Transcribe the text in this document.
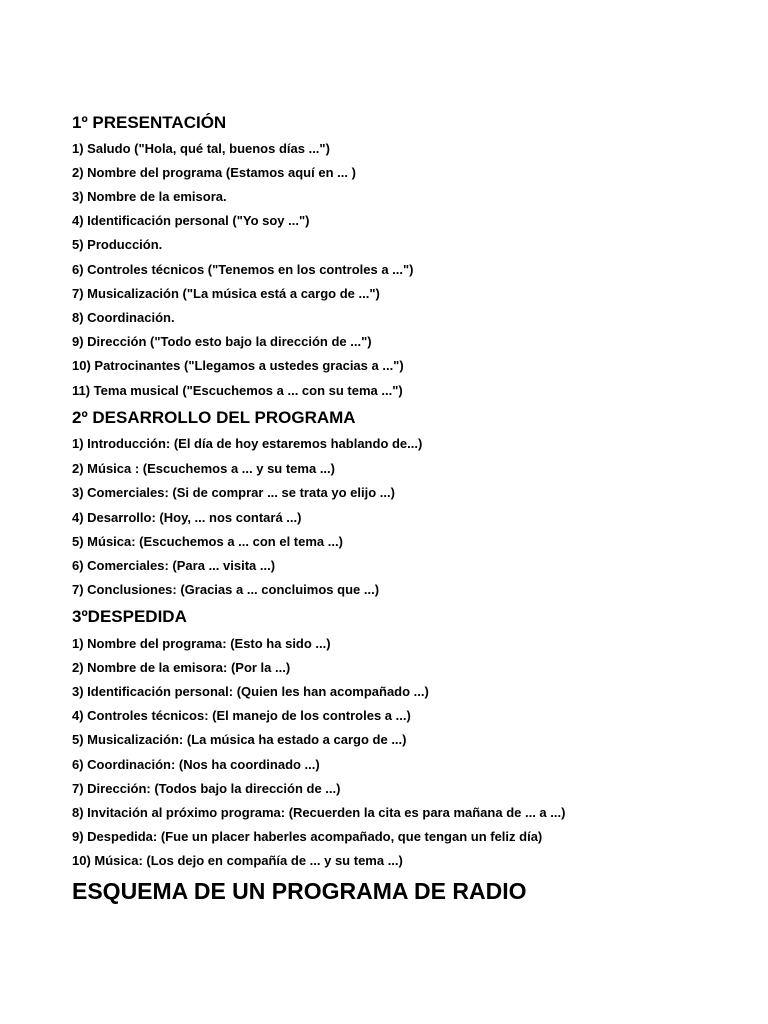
1º PRESENTACIÓN
1) Saludo ("Hola, qué tal, buenos días ...")
2) Nombre del programa (Estamos aquí en ... )
3) Nombre de la emisora.
4) Identificación personal ("Yo soy ...")
5) Producción.
6) Controles técnicos ("Tenemos en los controles a ...")
7) Musicalización ("La música está a cargo de ...")
8) Coordinación.
9) Dirección ("Todo esto bajo la dirección de ...")
10) Patrocinantes ("Llegamos a ustedes gracias a ...")
11) Tema musical ("Escuchemos a ... con su tema ...")
2º DESARROLLO DEL PROGRAMA
1) Introducción: (El día de hoy estaremos hablando de...)
2) Música : (Escuchemos a ... y su tema ...)
3) Comerciales: (Si de comprar ... se trata yo elijo ...)
4) Desarrollo: (Hoy, ... nos contará ...)
5) Música: (Escuchemos a ... con el tema ...)
6) Comerciales: (Para ... visita ...)
7) Conclusiones: (Gracias a ... concluimos que ...)
3ºDESPEDIDA
1) Nombre del programa: (Esto ha sido ...)
2) Nombre de la emisora: (Por la ...)
3) Identificación personal: (Quien les han acompañado ...)
4) Controles técnicos: (El manejo de los controles a ...)
5) Musicalización: (La música ha estado a cargo de ...)
6) Coordinación: (Nos ha coordinado ...)
7) Dirección: (Todos bajo la dirección de ...)
8) Invitación al próximo programa: (Recuerden la cita es para mañana de ... a ...)
9) Despedida: (Fue un placer haberles acompañado, que tengan un feliz día)
10) Música: (Los dejo en compañía de ... y su tema ...)
ESQUEMA DE UN PROGRAMA DE RADIO
